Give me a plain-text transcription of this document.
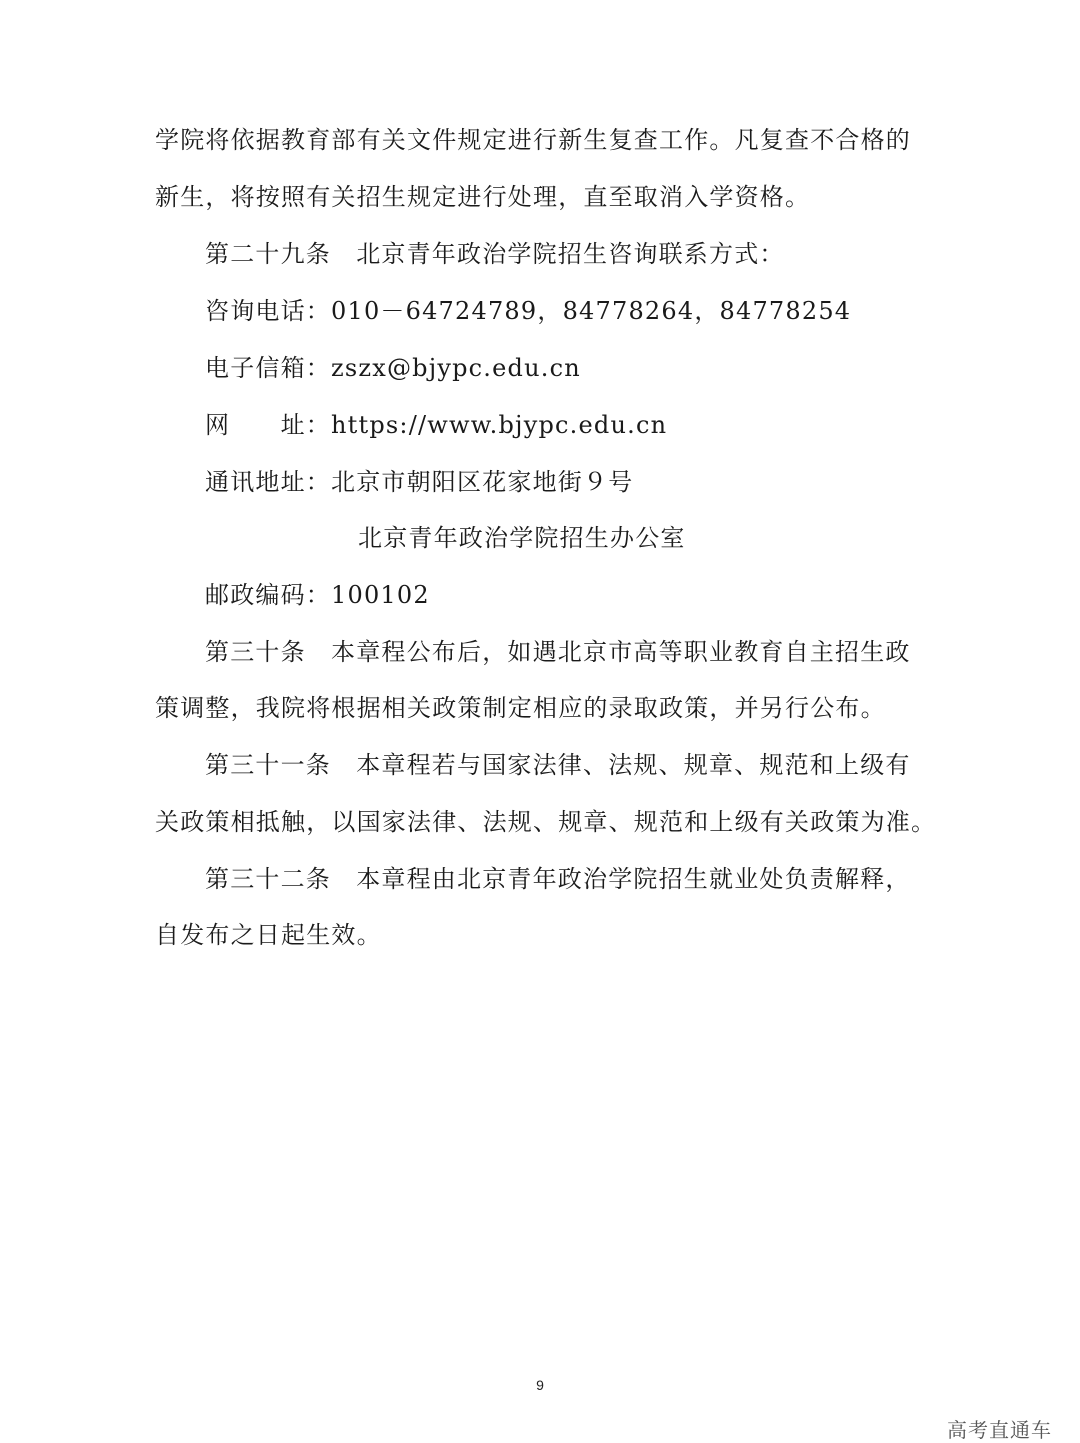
学院将依据教育部有关文件规定进行新生复查工作。凡复查不合格的
新生，将按照有关招生规定进行处理，直至取消入学资格。
第二十九条　北京青年政治学院招生咨询联系方式：
咨询电话：010－64724789，84778264，84778254
电子信箱：zszx@bjypc.edu.cn
网　　址：https://www.bjypc.edu.cn
通讯地址：北京市朝阳区花家地街９号
北京青年政治学院招生办公室
邮政编码：100102
第三十条　本章程公布后，如遇北京市高等职业教育自主招生政
策调整，我院将根据相关政策制定相应的录取政策，并另行公布。
第三十一条　本章程若与国家法律、法规、规章、规范和上级有
关政策相抵触，以国家法律、法规、规章、规范和上级有关政策为准。
第三十二条　本章程由北京青年政治学院招生就业处负责解释，
自发布之日起生效。
9
高考直通车
